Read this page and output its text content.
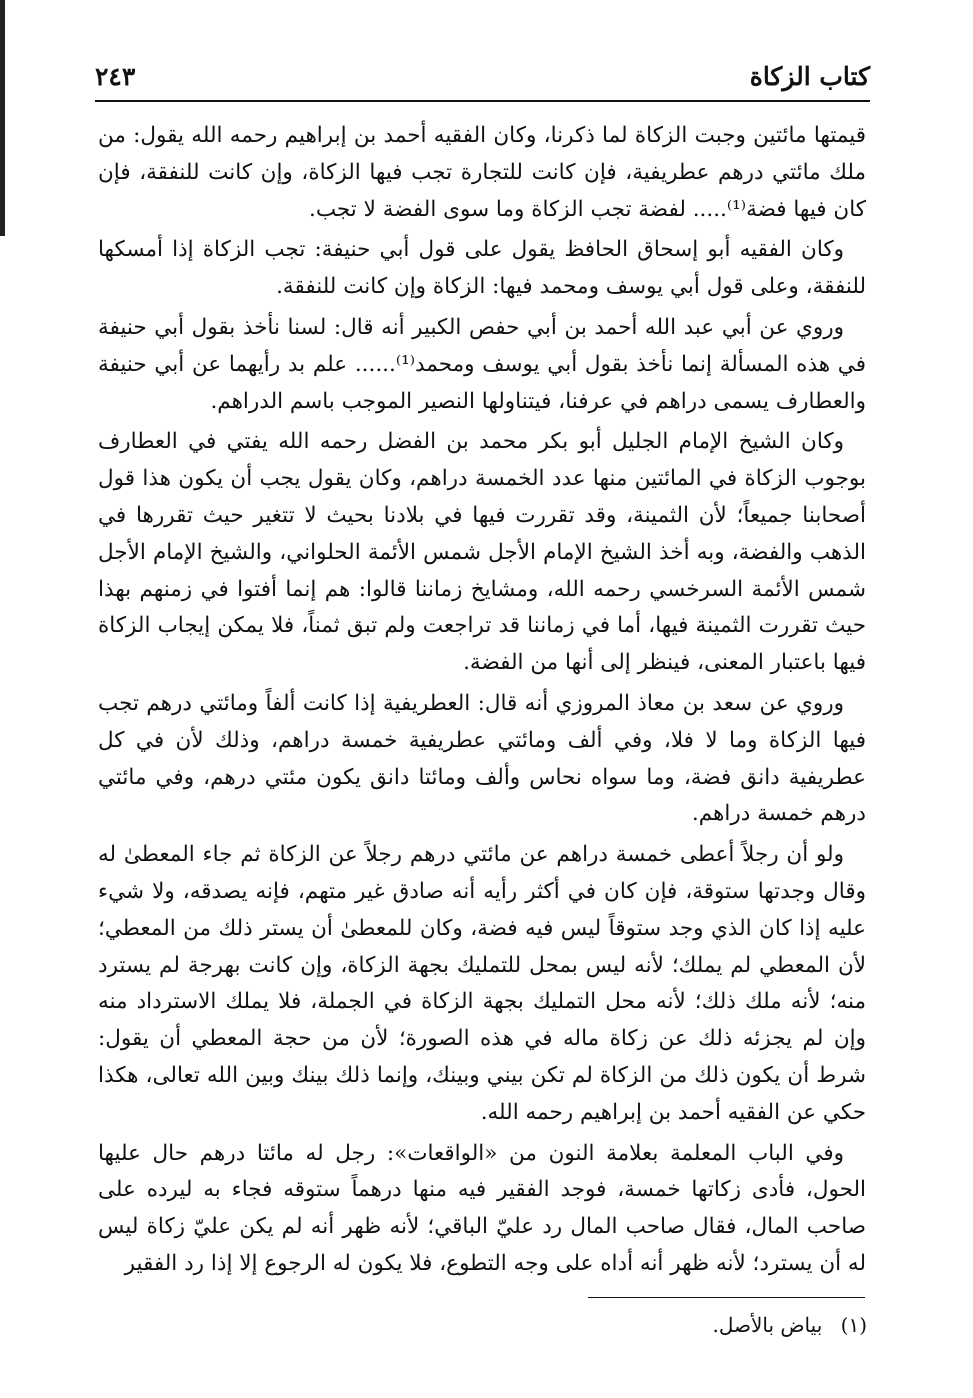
كتاب الزكاة
٢٤٣

قيمتها مائتين وجبت الزكاة لما ذكرنا، وكان الفقيه أحمد بن إبراهيم رحمه الله يقول: من ملك مائتي درهم عطريفية، فإن كانت للتجارة تجب فيها الزكاة، وإن كانت للنفقة، فإن كان فيها فضة⁽¹⁾..... لفضة تجب الزكاة وما سوى الفضة لا تجب.

وكان الفقيه أبو إسحاق الحافظ يقول على قول أبي حنيفة: تجب الزكاة إذا أمسكها للنفقة، وعلى قول أبي يوسف ومحمد فيها: الزكاة وإن كانت للنفقة.

وروي عن أبي عبد الله أحمد بن أبي حفص الكبير أنه قال: لسنا نأخذ بقول أبي حنيفة في هذه المسألة إنما نأخذ بقول أبي يوسف ومحمد⁽¹⁾...... علم بد رأيهما عن أبي حنيفة والعطارف يسمى دراهم في عرفنا، فيتناولها النصير الموجب باسم الدراهم.

وكان الشيخ الإمام الجليل أبو بكر محمد بن الفضل رحمه الله يفتي في العطارف بوجوب الزكاة في المائتين منها عدد الخمسة دراهم، وكان يقول يجب أن يكون هذا قول أصحابنا جميعاً؛ لأن الثمينة، وقد تقررت فيها في بلادنا بحيث لا تتغير حيث تقررها في الذهب والفضة، وبه أخذ الشيخ الإمام الأجل شمس الأئمة الحلواني، والشيخ الإمام الأجل شمس الأئمة السرخسي رحمه الله، ومشايخ زماننا قالوا: هم إنما أفتوا في زمنهم بهذا حيث تقررت الثمينة فيها، أما في زماننا قد تراجعت ولم تبق ثمناً، فلا يمكن إيجاب الزكاة فيها باعتبار المعنى، فينظر إلى أنها من الفضة.

وروي عن سعد بن معاذ المروزي أنه قال: العطريفية إذا كانت ألفاً ومائتي درهم تجب فيها الزكاة وما لا فلا، وفي ألف ومائتي عطريفية خمسة دراهم، وذلك لأن في كل عطريفية دانق فضة، وما سواه نحاس وألف ومائتا دانق يكون مئتي درهم، وفي مائتي درهم خمسة دراهم.

ولو أن رجلاً أعطى خمسة دراهم عن مائتي درهم رجلاً عن الزكاة ثم جاء المعطىٰ له وقال وجدتها ستوقة، فإن كان في أكثر رأيه أنه صادق غير متهم، فإنه يصدقه، ولا شيء عليه إذا كان الذي وجد ستوقاً ليس فيه فضة، وكان للمعطىٰ أن يستر ذلك من المعطي؛ لأن المعطي لم يملك؛ لأنه ليس بمحل للتمليك بجهة الزكاة، وإن كانت بهرجة لم يسترد منه؛ لأنه ملك ذلك؛ لأنه محل التمليك بجهة الزكاة في الجملة، فلا يملك الاسترداد منه وإن لم يجزئه ذلك عن زكاة ماله في هذه الصورة؛ لأن من حجة المعطي أن يقول: شرط أن يكون ذلك من الزكاة لم تكن بيني وبينك، وإنما ذلك بينك وبين الله تعالى، هكذا حكي عن الفقيه أحمد بن إبراهيم رحمه الله.

وفي الباب المعلمة بعلامة النون من «الواقعات»: رجل له مائتا درهم حال عليها الحول، فأدى زكاتها خمسة، فوجد الفقير فيه منها درهماً ستوقه فجاء به ليرده على صاحب المال، فقال صاحب المال رد عليّ الباقي؛ لأنه ظهر أنه لم يكن عليّ زكاة ليس له أن يسترد؛ لأنه ظهر أنه أداه على وجه التطوع، فلا يكون له الرجوع إلا إذا رد الفقير

(١) بياض بالأصل.
